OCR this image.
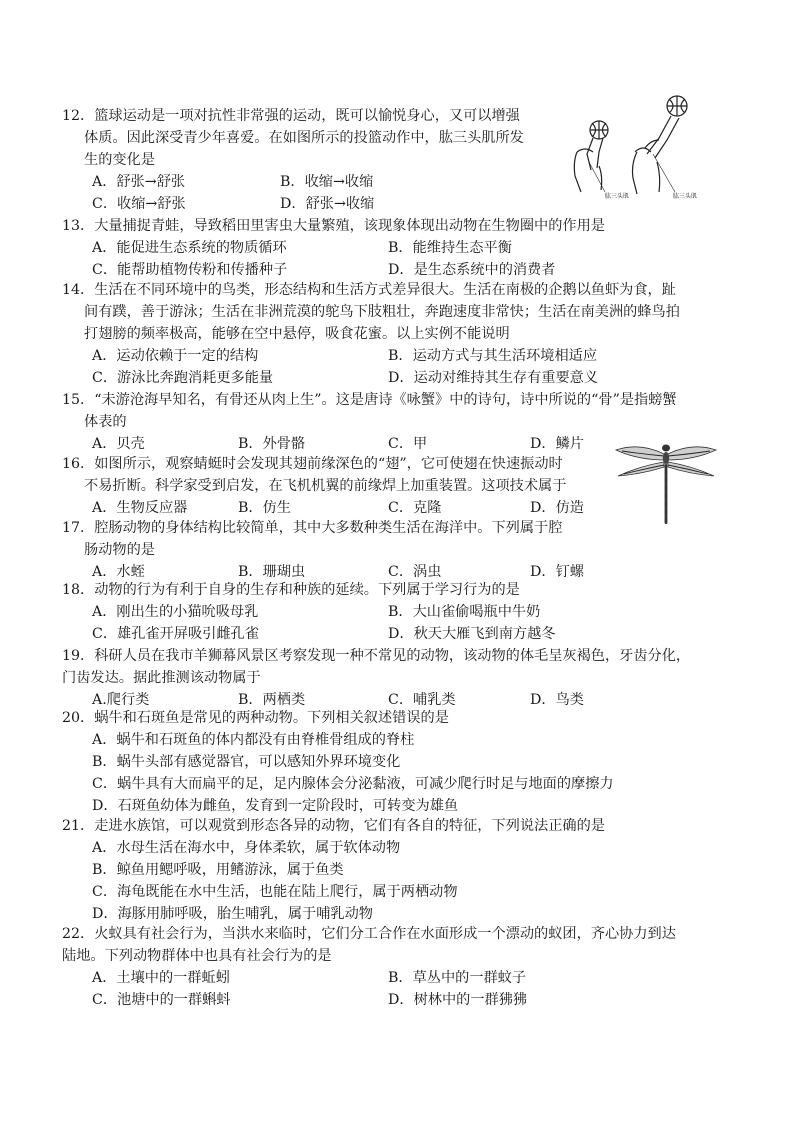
12．篮球运动是一项对抗性非常强的运动，既可以愉悦身心，又可以增强
体质。因此深受青少年喜爱。在如图所示的投篮动作中，肱三头肌所发
生的变化是
A．舒张→舒张	B．收缩→收缩
C．收缩→舒张	D．舒张→收缩	肱三头肌	肱三头肌
13．大量捕捉青蛙，导致稻田里害虫大量繁殖，该现象体现出动物在生物圈中的作用是
A．能促进生态系统的物质循环	B．能维持生态平衡
C．能帮助植物传粉和传播种子	D．是生态系统中的消费者
14．生活在不同环境中的鸟类，形态结构和生活方式差异很大。生活在南极的企鹅以鱼虾为食，趾
间有蹼，善于游泳；生活在非洲荒漠的鸵鸟下肢粗壮，奔跑速度非常快；生活在南美洲的蜂鸟拍
打翅膀的频率极高，能够在空中悬停，吸食花蜜。以上实例不能说明
A．运动依赖于一定的结构	B．运动方式与其生活环境相适应
C．游泳比奔跑消耗更多能量	D．运动对维持其生存有重要意义
15．“未游沧海早知名，有骨还从肉上生”。这是唐诗《咏蟹》中的诗句，诗中所说的“骨”是指螃蟹
体表的
A．贝壳	B．外骨骼	C．甲	D．鳞片
16．如图所示，观察蜻蜓时会发现其翅前缘深色的“翅”，它可使翅在快速振动时
不易折断。科学家受到启发，在飞机机翼的前缘焊上加重装置。这项技术属于
A．生物反应器	B．仿生	C．克隆	D．仿造
17．腔肠动物的身体结构比较简单，其中大多数种类生活在海洋中。下列属于腔
肠动物的是
A．水蛭	B．珊瑚虫	C．涡虫	D．钉螺
18．动物的行为有利于自身的生存和种族的延续。下列属于学习行为的是
A．刚出生的小猫吮吸母乳	B．大山雀偷喝瓶中牛奶
C．雄孔雀开屏吸引雌孔雀	D．秋天大雁飞到南方越冬
19．科研人员在我市羊狮幕风景区考察发现一种不常见的动物，该动物的体毛呈灰褐色，牙齿分化，
门齿发达。据此推测该动物属于
A.爬行类	B．两栖类	C．哺乳类	D．鸟类
20．蜗牛和石斑鱼是常见的两种动物。下列相关叙述错误的是
A．蜗牛和石斑鱼的体内都没有由脊椎骨组成的脊柱
B．蜗牛头部有感觉器官，可以感知外界环境变化
C．蜗牛具有大而扁平的足，足内腺体会分泌黏液，可减少爬行时足与地面的摩擦力
D．石斑鱼幼体为雌鱼，发育到一定阶段时，可转变为雄鱼
21．走进水族馆，可以观赏到形态各异的动物，它们有各自的特征，下列说法正确的是
A．水母生活在海水中，身体柔软，属于软体动物
B．鲸鱼用鳃呼吸，用鳍游泳，属于鱼类
C．海龟既能在水中生活，也能在陆上爬行，属于两栖动物
D．海豚用肺呼吸，胎生哺乳，属于哺乳动物
22．火蚁具有社会行为，当洪水来临时，它们分工合作在水面形成一个漂动的蚁团，齐心协力到达
陆地。下列动物群体中也具有社会行为的是
A．土壤中的一群蚯蚓	B．草丛中的一群蚊子
C．池塘中的一群蝌蚪	D．树林中的一群狒狒
